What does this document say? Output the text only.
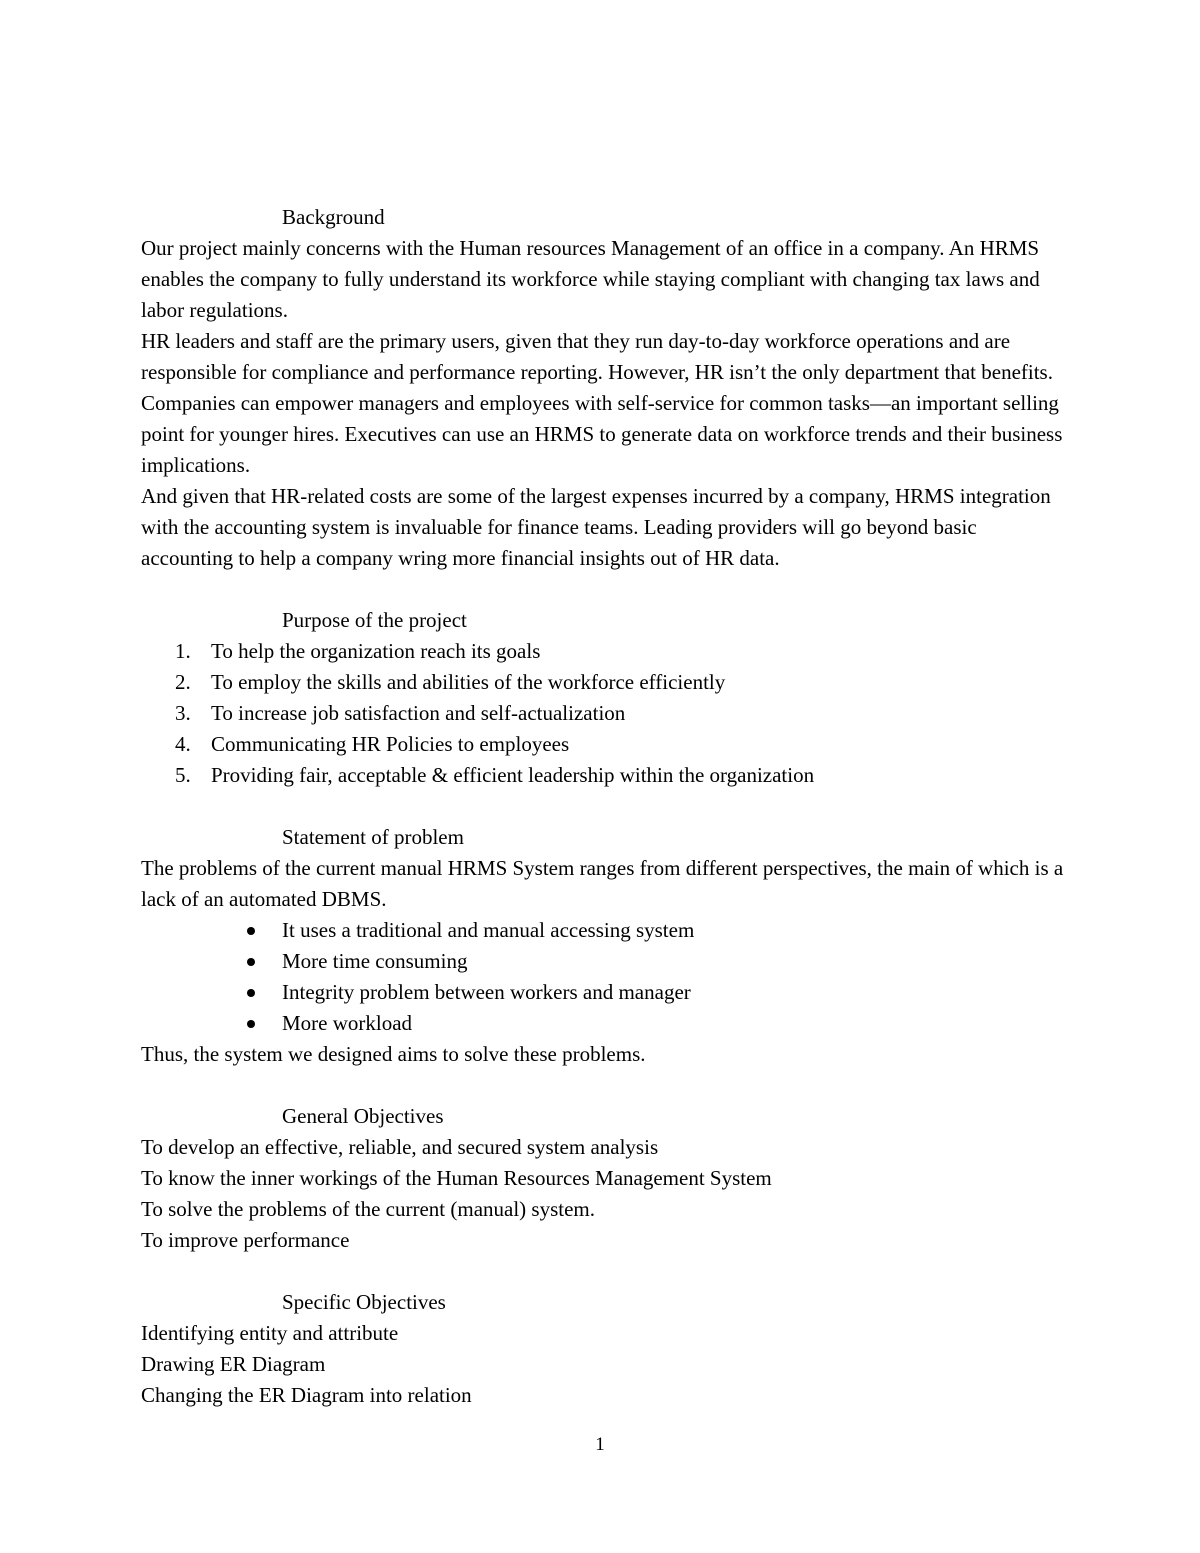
Background
Our project mainly concerns with the Human resources Management of an office in a company. An HRMS enables the company to fully understand its workforce while staying compliant with changing tax laws and labor regulations.
HR leaders and staff are the primary users, given that they run day-to-day workforce operations and are responsible for compliance and performance reporting. However, HR isn’t the only department that benefits. Companies can empower managers and employees with self-service for common tasks—an important selling point for younger hires. Executives can use an HRMS to generate data on workforce trends and their business implications.
And given that HR-related costs are some of the largest expenses incurred by a company, HRMS integration with the accounting system is invaluable for finance teams. Leading providers will go beyond basic accounting to help a company wring more financial insights out of HR data.
Purpose of the project
1. To help the organization reach its goals
2. To employ the skills and abilities of the workforce efficiently
3. To increase job satisfaction and self-actualization
4. Communicating HR Policies to employees
5. Providing fair, acceptable & efficient leadership within the organization
Statement of problem
The problems of the current manual HRMS System ranges from different perspectives, the main of which is a lack of an automated DBMS.
It uses a traditional and manual accessing system
More time consuming
Integrity problem between workers and manager
More workload
Thus, the system we designed aims to solve these problems.
General Objectives
To develop an effective, reliable, and secured system analysis
To know the inner workings of the Human Resources Management System
To solve the problems of the current (manual) system.
To improve performance
Specific Objectives
Identifying entity and attribute
Drawing ER Diagram
Changing the ER Diagram into relation
1
